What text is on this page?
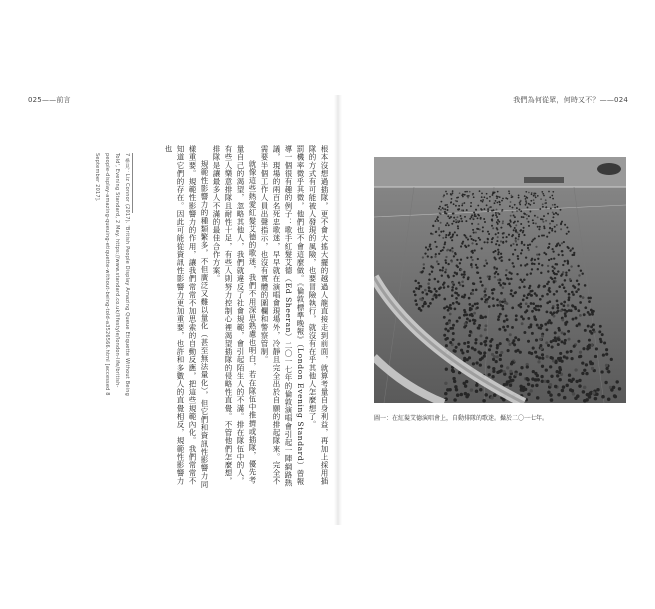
025——前言

根本沒想過插隊，更不會大搖大擺的越過人龍直接走到前面，就算考量自身利益，再加上採用插隊的方式有可能被人發現的風險，也要冒險執行，就沒有在乎其他人怎麼想了。

罰機率微乎其微，他們也不會這麼做。《倫敦標準晚報》（London Evening Standard）曾報導一個很有趣的例子：歌手紅髮艾德（Ed Sheeran）二〇一七年的倫敦演唱會引起一陣網路熱議，現場的兩百名死忠歌迷，早早就在演唱會現場外，冷靜且完全出於自願的排起隊來。完全不需要半個工作人員出聲指示，也沒有實體的圍欄和警察管制。

就像這些熱愛紅髮艾德的歌迷，我們不用深思熟慮也明白，若在隊伍中推擠或插隊，優先考量自己的渴望，忽略其他人，我們就違反了社會規範，會引起陌生人的不滿。排在隊伍中的人，有些人樂意排隊且耐性十足，有些人則努力控制心裡渴望插隊的侵略性直覺。不管他們怎麼想，排隊是讓最多人不滿的最佳合作方案。

規範性影響力的種類繁多，不但廣泛又難以量化（甚至無法量化），但它們和資訊性影響力同樣重要。規範性影響力的作用，讓我們常常不加思索的自動反應，把這些規範內化。我們常常不知道它們的存在。因此可能從資訊性影響力更加重要，也許和多數人的直覺相反，規範性影響力也

7 參見：Liz Connor (2017). 'British People Display Amazing Queue Etiquette Without Being Told', Evening Standard, 2 May. https://www.standard.co.uk/lifestyle/london-life/british-people-display-amazing-queuing-etiquette-without-being-told-a3526566.html [accessed 8 September 2017].
我們為何從眾，何時又不？——024
圖一：在紅髮艾德演唱會上，自動排隊的歌迷。攝於二〇一七年。
